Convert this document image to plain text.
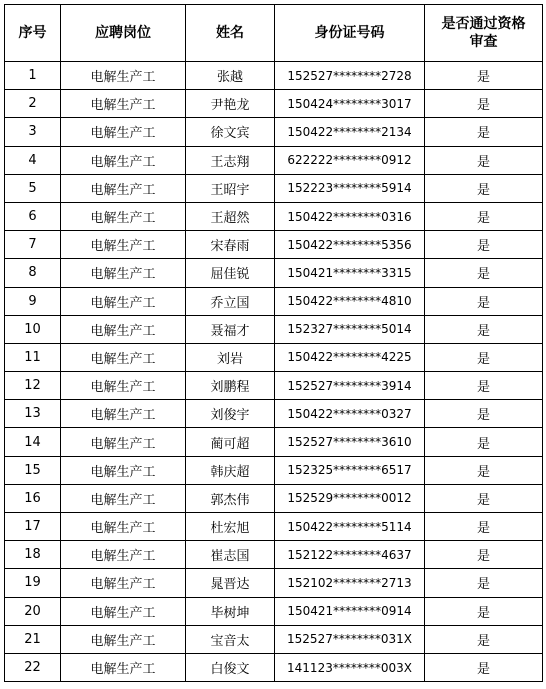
序号	应聘岗位	姓名	身份证号码	是否通过资格审查
1	电解生产工	张越	152527********2728	是
2	电解生产工	尹艳龙	150424********3017	是
3	电解生产工	徐文宾	150422********2134	是
4	电解生产工	王志翔	622222********0912	是
5	电解生产工	王昭宇	152223********5914	是
6	电解生产工	王超然	150422********0316	是
7	电解生产工	宋春雨	150422********5356	是
8	电解生产工	屈佳锐	150421********3315	是
9	电解生产工	乔立国	150422********4810	是
10	电解生产工	聂福才	152327********5014	是
11	电解生产工	刘岩	150422********4225	是
12	电解生产工	刘鹏程	152527********3914	是
13	电解生产工	刘俊宇	150422********0327	是
14	电解生产工	蔺可超	152527********3610	是
15	电解生产工	韩庆超	152325********6517	是
16	电解生产工	郭杰伟	152529********0012	是
17	电解生产工	杜宏旭	150422********5114	是
18	电解生产工	崔志国	152122********4637	是
19	电解生产工	晁晋达	152102********2713	是
20	电解生产工	毕树坤	150421********0914	是
21	电解生产工	宝音太	152527********031X	是
22	电解生产工	白俊文	141123********003X	是
